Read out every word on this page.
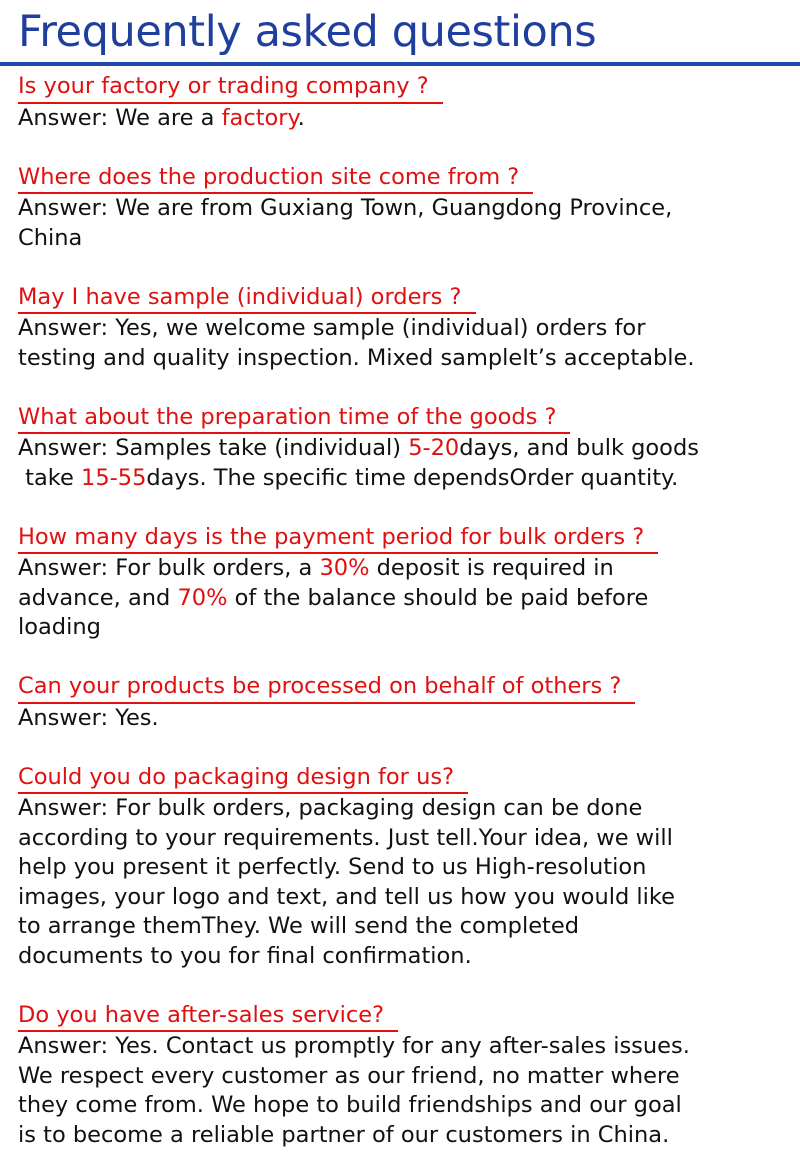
Frequently asked questions
Is your factory or trading company ?
Answer: We are a factory.
Where does the production site come from ?
Answer: We are from Guxiang Town, Guangdong Province,
China
May I have sample (individual) orders ?
Answer: Yes, we welcome sample (individual) orders for
testing and quality inspection. Mixed sampleIt’s acceptable.
What about the preparation time of the goods ?
Answer: Samples take (individual) 5-20days, and bulk goods
take 15-55days. The specific time dependsOrder quantity.
How many days is the payment period for bulk orders ?
Answer: For bulk orders, a 30% deposit is required in
advance, and 70% of the balance should be paid before
loading
Can your products be processed on behalf of others ?
Answer: Yes.
Could you do packaging design for us?
Answer: For bulk orders, packaging design can be done
according to your requirements. Just tell.Your idea, we will
help you present it perfectly. Send to us High-resolution
images, your logo and text, and tell us how you would like
to arrange themThey. We will send the completed
documents to you for final confirmation.
Do you have after-sales service?
Answer: Yes. Contact us promptly for any after-sales issues.
We respect every customer as our friend, no matter where
they come from. We hope to build friendships and our goal
is to become a reliable partner of our customers in China.
